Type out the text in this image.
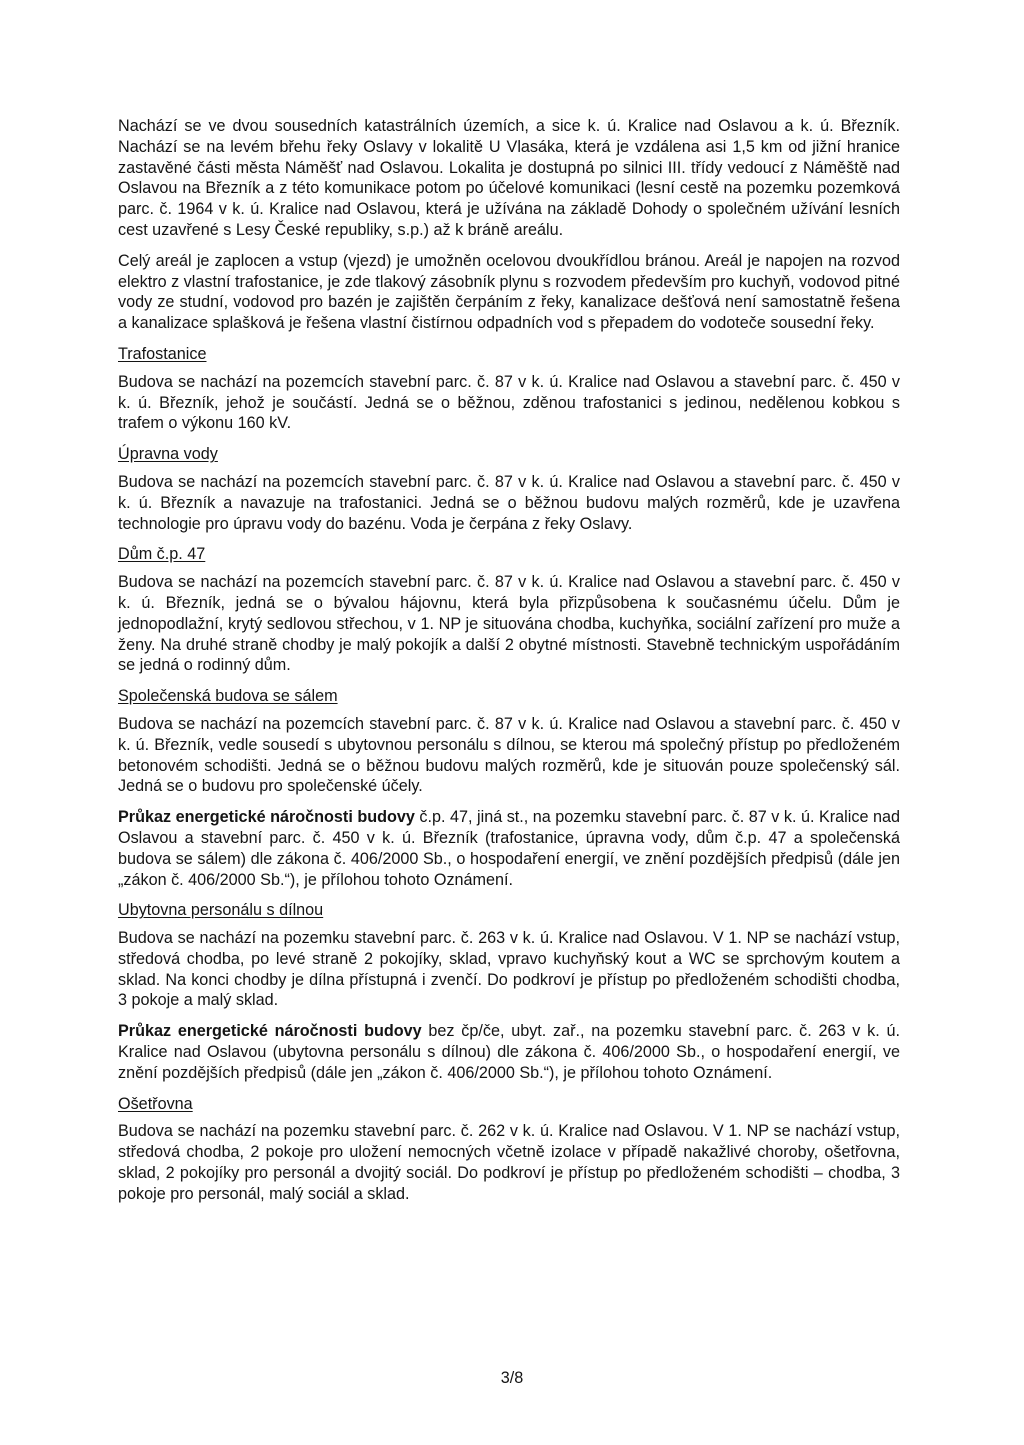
Nachází se ve dvou sousedních katastrálních územích, a sice k. ú. Kralice nad Oslavou a k. ú. Březník. Nachází se na levém břehu řeky Oslavy v lokalitě U Vlasáka, která je vzdálena asi 1,5 km od jižní hranice zastavěné části města Náměšť nad Oslavou. Lokalita je dostupná po silnici III. třídy vedoucí z Náměště nad Oslavou na Březník a z této komunikace potom po účelové komunikaci (lesní cestě na pozemku pozemková parc. č. 1964 v k. ú. Kralice nad Oslavou, která je užívána na základě Dohody o společném užívání lesních cest uzavřené s Lesy České republiky, s.p.) až k bráně areálu.

Celý areál je zaplocen a vstup (vjezd) je umožněn ocelovou dvoukřídlou bránou. Areál je napojen na rozvod elektro z vlastní trafostanice, je zde tlakový zásobník plynu s rozvodem především pro kuchyň, vodovod pitné vody ze studní, vodovod pro bazén je zajištěn čerpáním z řeky, kanalizace dešťová není samostatně řešena a kanalizace splašková je řešena vlastní čistírnou odpadních vod s přepadem do vodoteče sousední řeky.

Trafostanice

Budova se nachází na pozemcích stavební parc. č. 87 v k. ú. Kralice nad Oslavou a stavební parc. č. 450 v k. ú. Březník, jehož je součástí. Jedná se o běžnou, zděnou trafostanici s jedinou, nedělenou kobkou s trafem o výkonu 160 kV.

Úpravna vody

Budova se nachází na pozemcích stavební parc. č. 87 v k. ú. Kralice nad Oslavou a stavební parc. č. 450 v k. ú. Březník a navazuje na trafostanici. Jedná se o běžnou budovu malých rozměrů, kde je uzavřena technologie pro úpravu vody do bazénu. Voda je čerpána z řeky Oslavy.

Dům č.p. 47

Budova se nachází na pozemcích stavební parc. č. 87 v k. ú. Kralice nad Oslavou a stavební parc. č. 450 v k. ú. Březník, jedná se o bývalou hájovnu, která byla přizpůsobena k současnému účelu. Dům je jednopodlažní, krytý sedlovou střechou, v 1. NP je situována chodba, kuchyňka, sociální zařízení pro muže a ženy. Na druhé straně chodby je malý pokojík a další 2 obytné místnosti. Stavebně technickým uspořádáním se jedná o rodinný dům.

Společenská budova se sálem

Budova se nachází na pozemcích stavební parc. č. 87 v k. ú. Kralice nad Oslavou a stavební parc. č. 450 v k. ú. Březník, vedle sousedí s ubytovnou personálu s dílnou, se kterou má společný přístup po předloženém betonovém schodišti. Jedná se o běžnou budovu malých rozměrů, kde je situován pouze společenský sál. Jedná se o budovu pro společenské účely.

Průkaz energetické náročnosti budovy č.p. 47, jiná st., na pozemku stavební parc. č. 87 v k. ú. Kralice nad Oslavou a stavební parc. č. 450 v k. ú. Březník (trafostanice, úpravna vody, dům č.p. 47 a společenská budova se sálem) dle zákona č. 406/2000 Sb., o hospodaření energií, ve znění pozdějších předpisů (dále jen „zákon č. 406/2000 Sb.“), je přílohou tohoto Oznámení.

Ubytovna personálu s dílnou

Budova se nachází na pozemku stavební parc. č. 263 v k. ú. Kralice nad Oslavou. V 1. NP se nachází vstup, středová chodba, po levé straně 2 pokojíky, sklad, vpravo kuchyňský kout a WC se sprchovým koutem a sklad. Na konci chodby je dílna přístupná i zvenčí. Do podkroví je přístup po předloženém schodišti chodba, 3 pokoje a malý sklad.

Průkaz energetické náročnosti budovy bez čp/če, ubyt. zař., na pozemku stavební parc. č. 263 v k. ú. Kralice nad Oslavou (ubytovna personálu s dílnou) dle zákona č. 406/2000 Sb., o hospodaření energií, ve znění pozdějších předpisů (dále jen „zákon č. 406/2000 Sb.“), je přílohou tohoto Oznámení.

Ošetřovna

Budova se nachází na pozemku stavební parc. č. 262 v k. ú. Kralice nad Oslavou. V 1. NP se nachází vstup, středová chodba, 2 pokoje pro uložení nemocných včetně izolace v případě nakažlivé choroby, ošetřovna, sklad, 2 pokojíky pro personál a dvojitý sociál. Do podkroví je přístup po předloženém schodišti – chodba, 3 pokoje pro personál, malý sociál a sklad.

3/8
